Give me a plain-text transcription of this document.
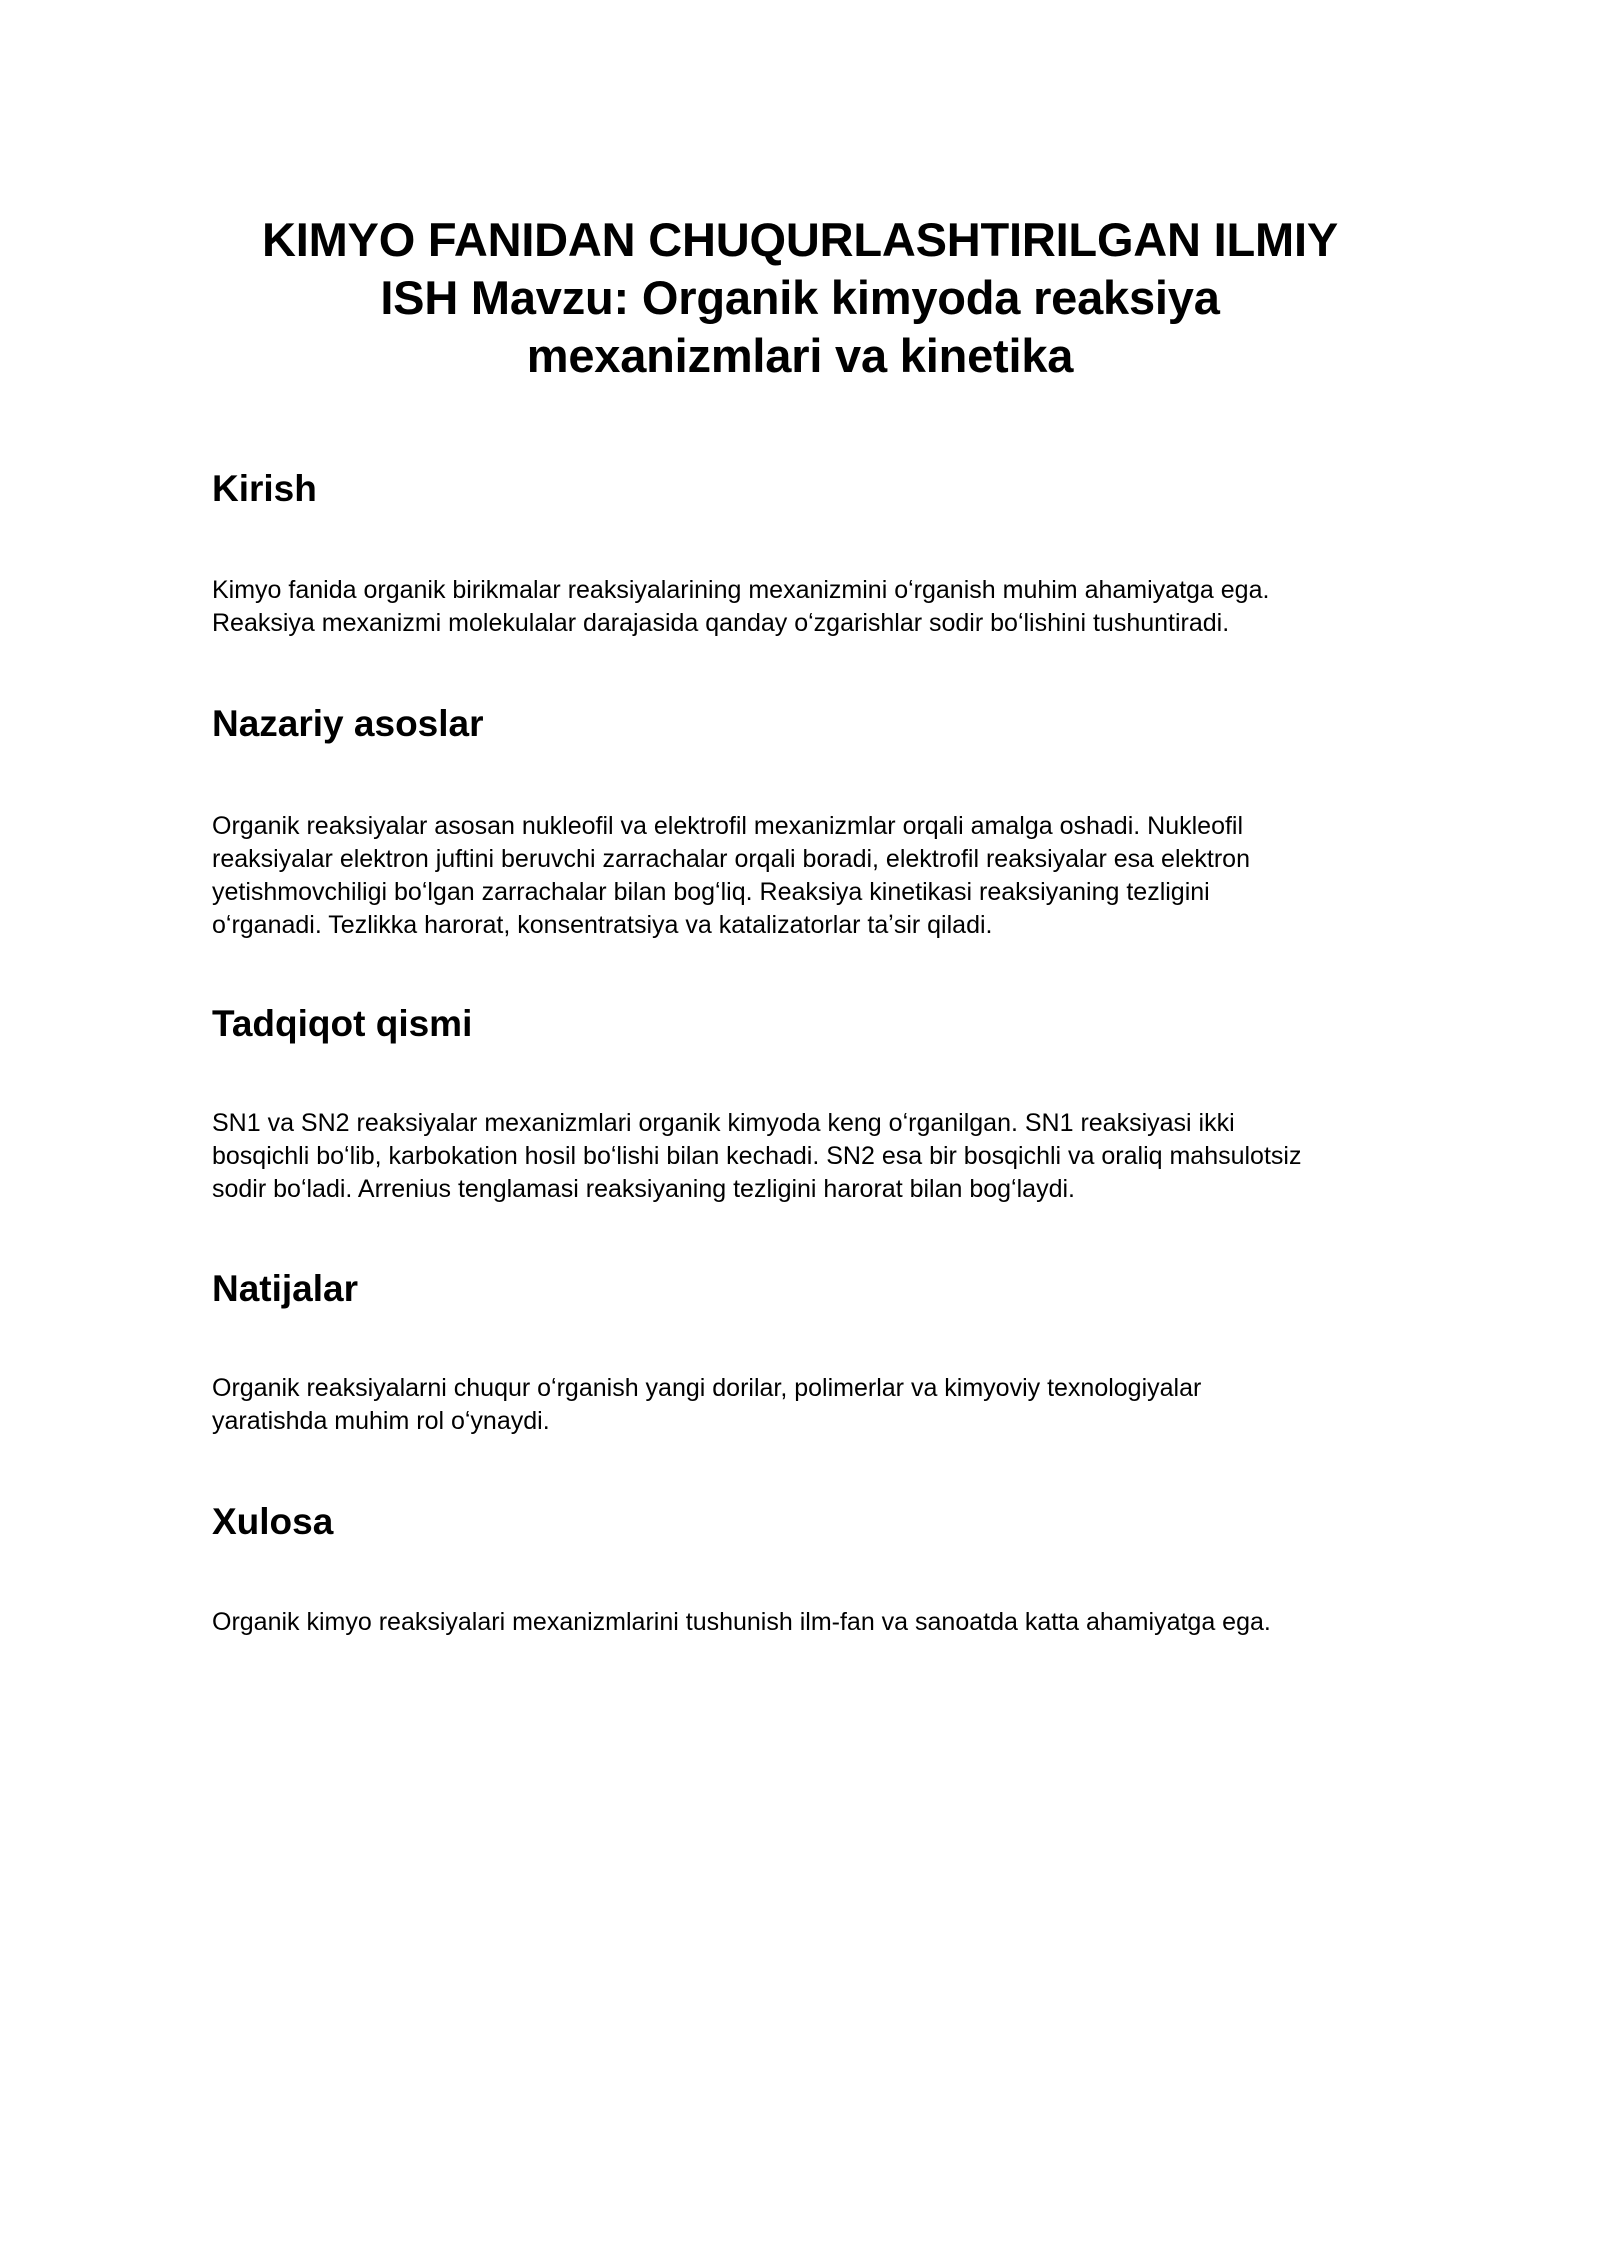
KIMYO FANIDAN CHUQURLASHTIRILGAN ILMIY
ISH Mavzu: Organik kimyoda reaksiya
mexanizmlari va kinetika
Kirish

Kimyo fanida organik birikmalar reaksiyalarining mexanizmini oʻrganish muhim ahamiyatga ega.
Reaksiya mexanizmi molekulalar darajasida qanday oʻzgarishlar sodir boʻlishini tushuntiradi.

Nazariy asoslar

Organik reaksiyalar asosan nukleofil va elektrofil mexanizmlar orqali amalga oshadi. Nukleofil
reaksiyalar elektron juftini beruvchi zarrachalar orqali boradi, elektrofil reaksiyalar esa elektron
yetishmovchiligi boʻlgan zarrachalar bilan bogʻliq. Reaksiya kinetikasi reaksiyaning tezligini
oʻrganadi. Tezlikka harorat, konsentratsiya va katalizatorlar taʼsir qiladi.

Tadqiqot qismi

SN1 va SN2 reaksiyalar mexanizmlari organik kimyoda keng oʻrganilgan. SN1 reaksiyasi ikki
bosqichli boʻlib, karbokation hosil boʻlishi bilan kechadi. SN2 esa bir bosqichli va oraliq mahsulotsiz
sodir boʻladi. Arrenius tenglamasi reaksiyaning tezligini harorat bilan bogʻlaydi.

Natijalar

Organik reaksiyalarni chuqur oʻrganish yangi dorilar, polimerlar va kimyoviy texnologiyalar
yaratishda muhim rol oʻynaydi.

Xulosa

Organik kimyo reaksiyalari mexanizmlarini tushunish ilm-fan va sanoatda katta ahamiyatga ega.
